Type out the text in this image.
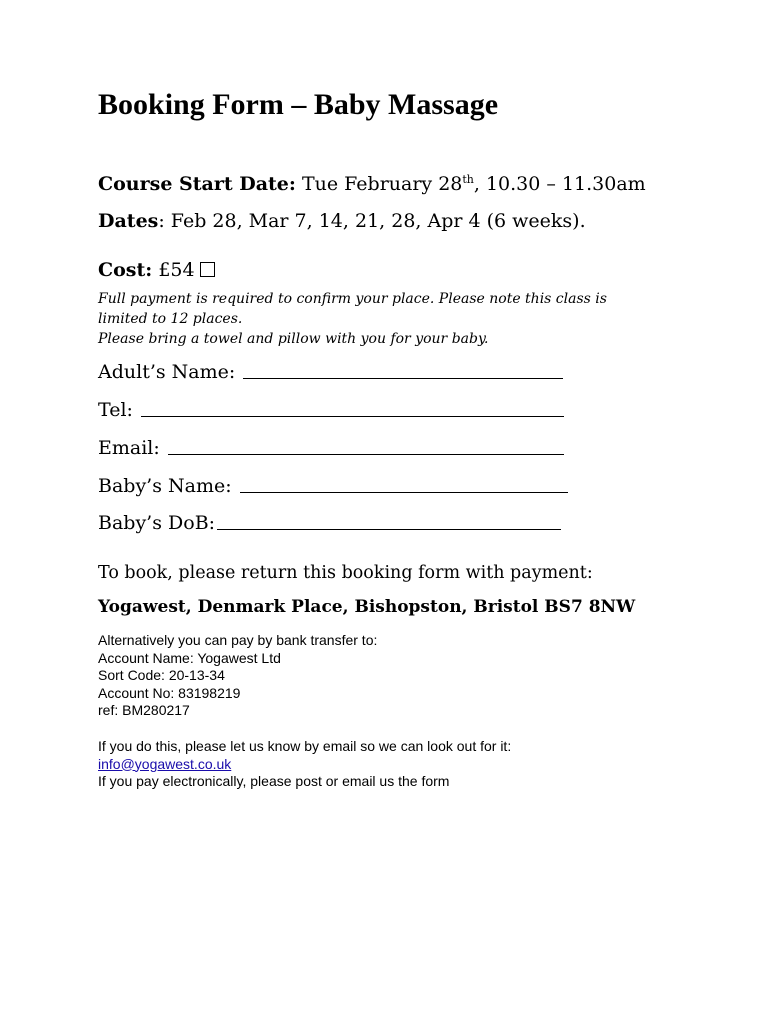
Booking Form – Baby Massage
Course Start Date: Tue February 28th, 10.30 – 11.30am
Dates: Feb 28, Mar 7, 14, 21, 28, Apr 4 (6 weeks).
Cost: £54
Full payment is required to confirm your place. Please note this class is limited to 12 places.
Please bring a towel and pillow with you for your baby.
Adult’s Name:
Tel:
Email:
Baby’s Name:
Baby’s DoB:
To book, please return this booking form with payment:
Yogawest, Denmark Place, Bishopston, Bristol BS7 8NW
Alternatively you can pay by bank transfer to:
Account Name: Yogawest Ltd
Sort Code: 20-13-34
Account No: 83198219
ref: BM280217
If you do this, please let us know by email so we can look out for it:
info@yogawest.co.uk
If you pay electronically, please post or email us the form
